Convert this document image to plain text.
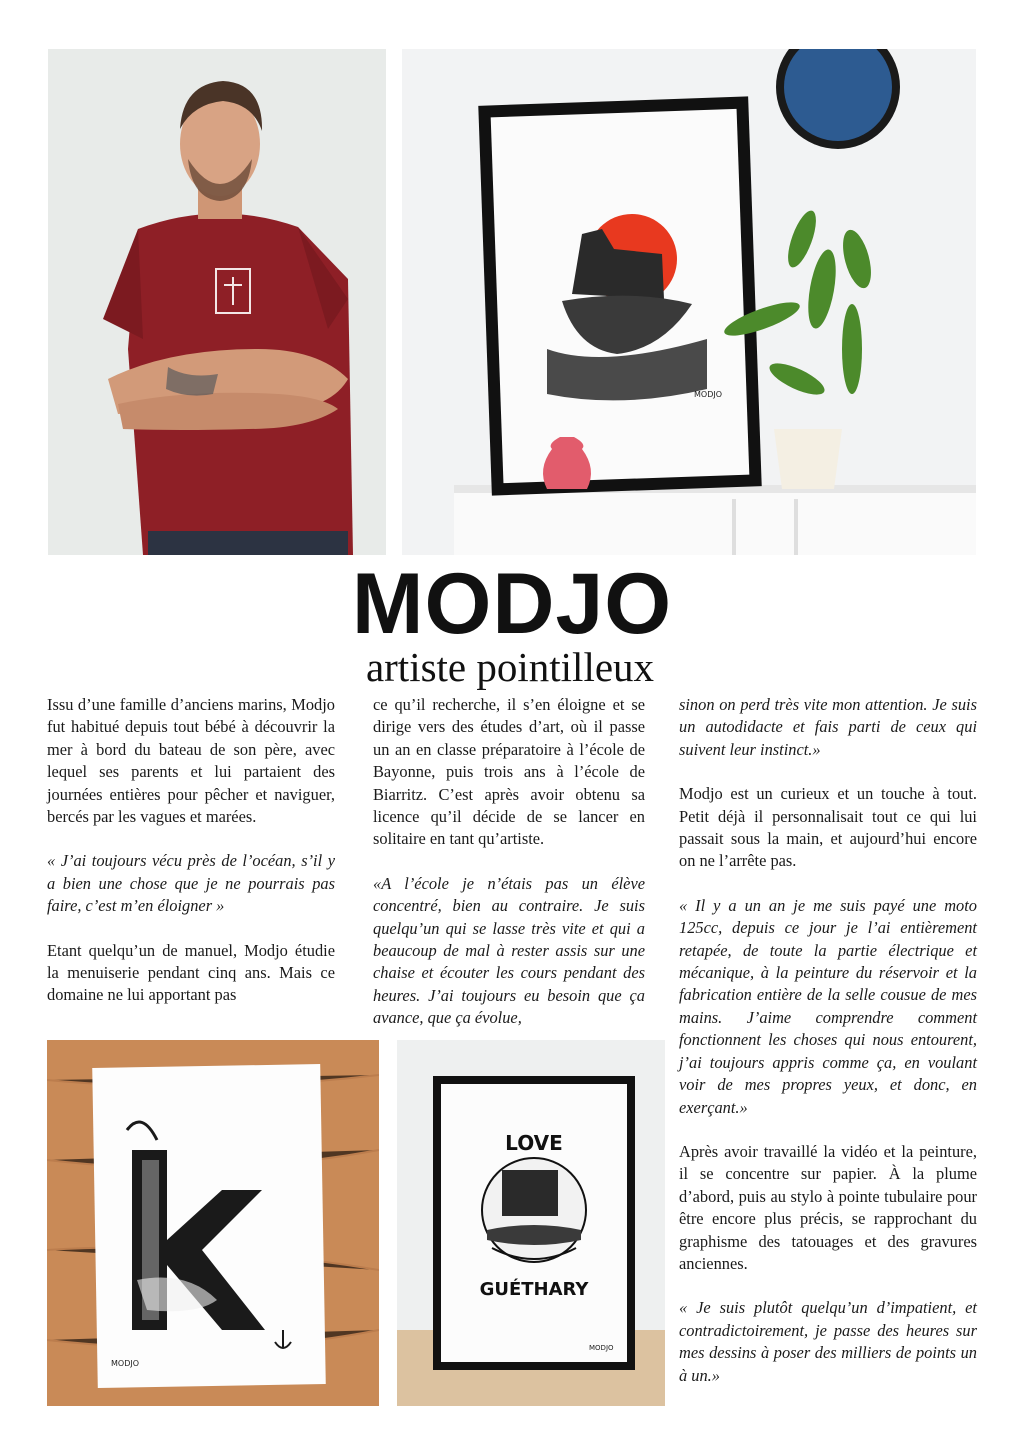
MODJO
MODJO
artiste pointilleux

Issu d’une famille d’anciens marins, Modjo fut habitué depuis tout bébé à découvrir la mer à bord du bateau de son père, avec lequel ses parents et lui partaient des journées entières pour pêcher et naviguer, bercés par les vagues et marées.

« J’ai toujours vécu près de l’océan, s’il y a bien une chose que je ne pourrais pas faire, c’est m’en éloigner »

Etant quelqu’un de manuel, Modjo étudie la menuiserie pendant cinq ans. Mais ce domaine ne lui apportant pas

ce qu’il recherche, il s’en éloigne et se dirige vers des études d’art, où il passe un an en classe préparatoire à l’école de Bayonne, puis trois ans à l’école de Biarritz. C’est après avoir obtenu sa licence qu’il décide de se lancer en solitaire en tant qu’artiste.

«A l’école je n’étais pas un élève concentré, bien au contraire. Je suis quelqu’un qui se lasse très vite et qui a beaucoup de mal à rester assis sur une chaise et écouter les cours pendant des heures. J’ai toujours eu besoin que ça avance, que ça évolue,

sinon on perd très vite mon attention. Je suis un autodidacte et fais parti de ceux qui suivent leur instinct.»

Modjo est un curieux et un touche à tout. Petit déjà il personnalisait tout ce qui lui passait sous la main, et aujourd’hui encore on ne l’arrête pas.

« Il y a un an je me suis payé une moto 125cc, depuis ce jour je l’ai entièrement retapée, de toute la partie électrique et mécanique, à la peinture du réservoir et la fabrication entière de la selle cousue de mes mains. J’aime comprendre comment fonctionnent les choses qui nous entourent, j’ai toujours appris comme ça, en voulant voir de mes propres yeux, et donc, en exerçant.»

Après avoir travaillé la vidéo et la peinture, il se concentre sur papier. À la plume d’abord, puis au stylo à pointe tubulaire pour être encore plus précis, se rapprochant du graphisme des tatouages et des gravures anciennes.

« Je suis plutôt quelqu’un d’impatient, et contradictoirement, je passe des heures sur mes dessins à poser des milliers de points un à un.»

MODJO
LOVE
GUÉTHARY
MODJO
